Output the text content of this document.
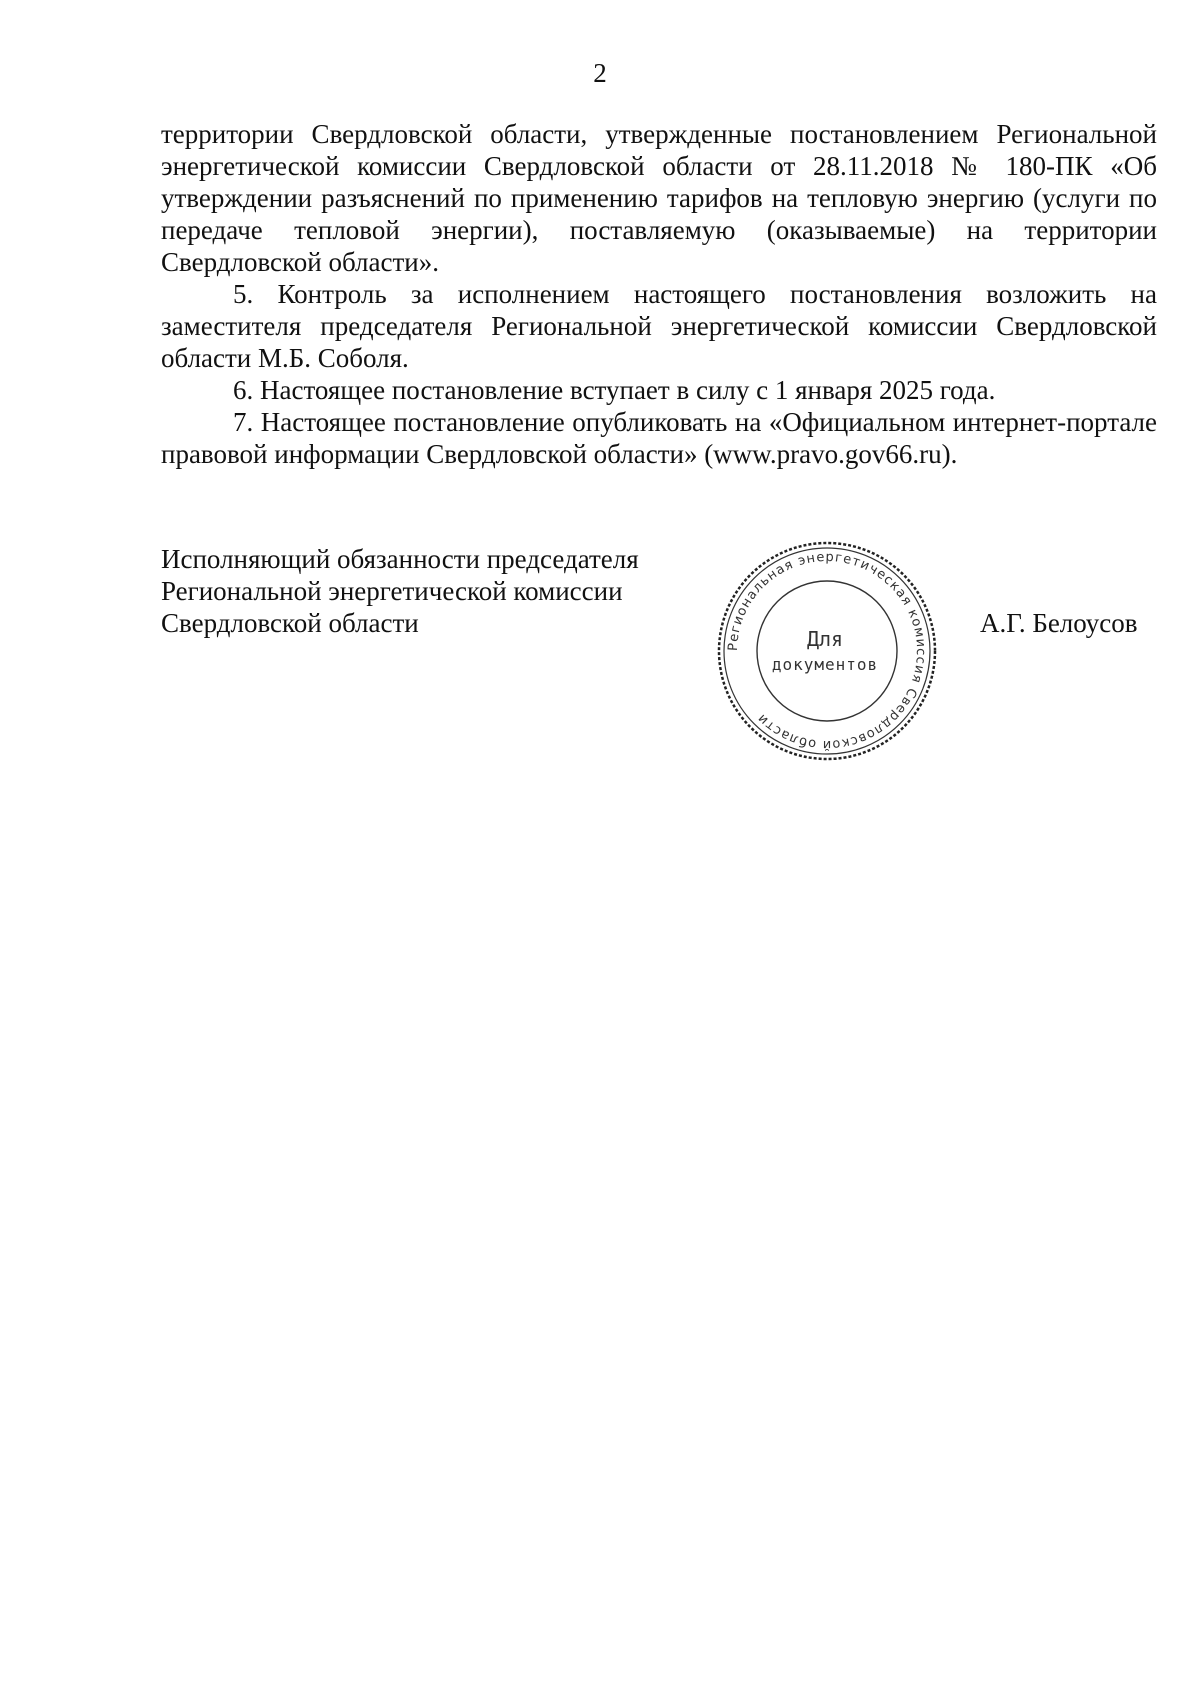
2

территории Свердловской области, утвержденные постановлением Региональной энергетической комиссии Свердловской области от 28.11.2018 № 180-ПК «Об утверждении разъяснений по применению тарифов на тепловую энергию (услуги по передаче тепловой энергии), поставляемую (оказываемые) на территории Свердловской области».

5. Контроль за исполнением настоящего постановления возложить на заместителя председателя Региональной энергетической комиссии Свердловской области М.Б. Соболя.

6. Настоящее постановление вступает в силу с 1 января 2025 года.

7. Настоящее постановление опубликовать на «Официальном интернет-портале правовой информации Свердловской области» (www.pravo.gov66.ru).

Исполняющий обязанности председателя
Региональной энергетической комиссии
Свердловской области
Региональная энергетическая комиссия Свердловской области
Для
документов
А.Г. Белоусов
